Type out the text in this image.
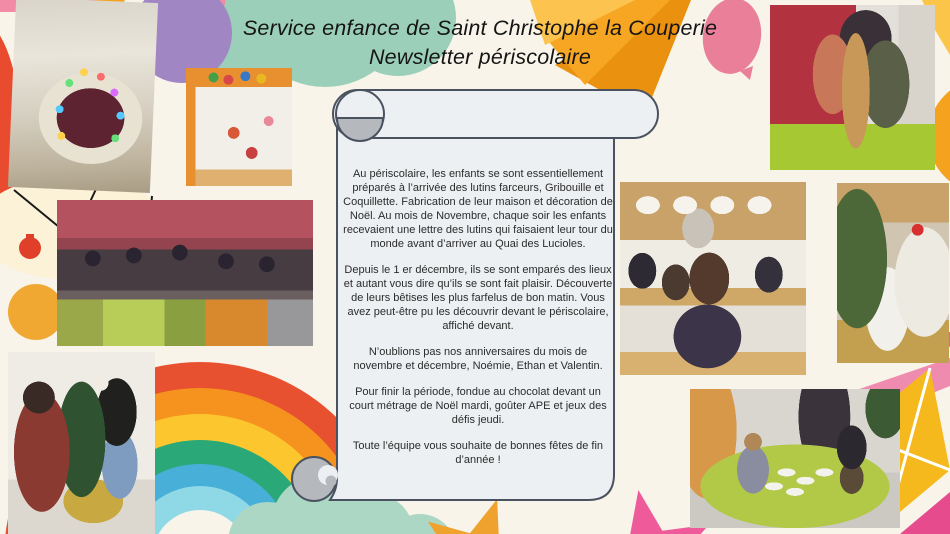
Service enfance de Saint Christophe la Couperie
Newsletter périscolaire

Au périscolaire, les enfants se sont essentiellement préparés à l’arrivée des lutins farceurs, Gribouille et Coquillette. Fabrication de leur maison et décoration de Noël. Au mois de Novembre, chaque soir les enfants recevaient une lettre des lutins qui faisaient leur tour du monde avant d’arriver au Quai des Lucioles.

Depuis le 1 er décembre, ils se sont emparés des lieux et autant vous dire qu’ils se sont fait plaisir. Découverte de leurs bêtises les plus farfelus de bon matin. Vous avez peut-être pu les découvrir devant le périscolaire, affiché devant.

N’oublions pas nos anniversaires du mois de novembre et décembre, Noémie, Ethan et Valentin.

Pour finir la période, fondue au chocolat devant un court métrage de Noël mardi, goûter APE et jeux des défis jeudi.

Toute l’équipe vous souhaite de bonnes fêtes de fin d’année !
